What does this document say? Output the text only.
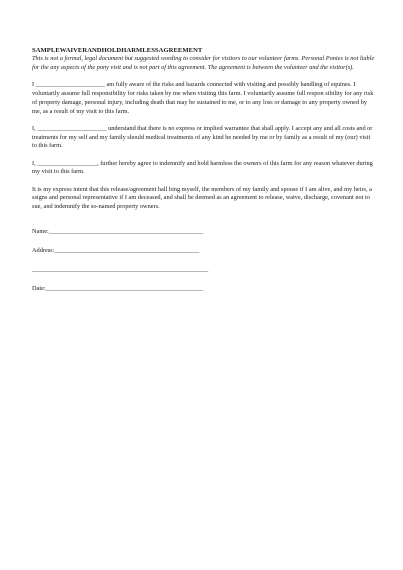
SAMPLEWAIVERANDHOLDHARMLESSAGREEMENT

This is not a formal, legal document but suggested wording to consider for visitors to our volunteer farms. Personal Ponies is not liable for the any aspects of the pony visit and is not part of this agreement. The agreement is between the volunteer and the visitor(s).

I ______________________ am fully aware of the risks and hazards connected with visiting and possibly handling of equines. I voluntarily assume full responsibility for risks taken by me when visiting this farm. I voluntarily assume full respon sibility for any risk of property damage, personal injury, including death that may be sustained to me, or to any loss or damage to any property owned by me, as a result of my visit to this farm.

I, ______________________ understand that there is no express or implied warrantee that shall apply. I accept any and all costs and or treatments for my self and my family should medical treatments of any kind be needed by me or by family as a result of my (our) visit to this farm.

I, ___________________, further hereby agree to indemnify and hold harmless the owners of this farm for any reason whatever during my visit to this farm.

It is my express intent that this release/agreement hall bing myself, the members of my family and spouse if I am alive, and my heirs, a ssigns and personal representative if I am deceased, and shall be deemed as an agreement to release, waive, discharge, covenant not to sue, and indemnify the so-named property owners.

Name:_________________________________________________

Address:______________________________________________

________________________________________________________

Date:__________________________________________________
